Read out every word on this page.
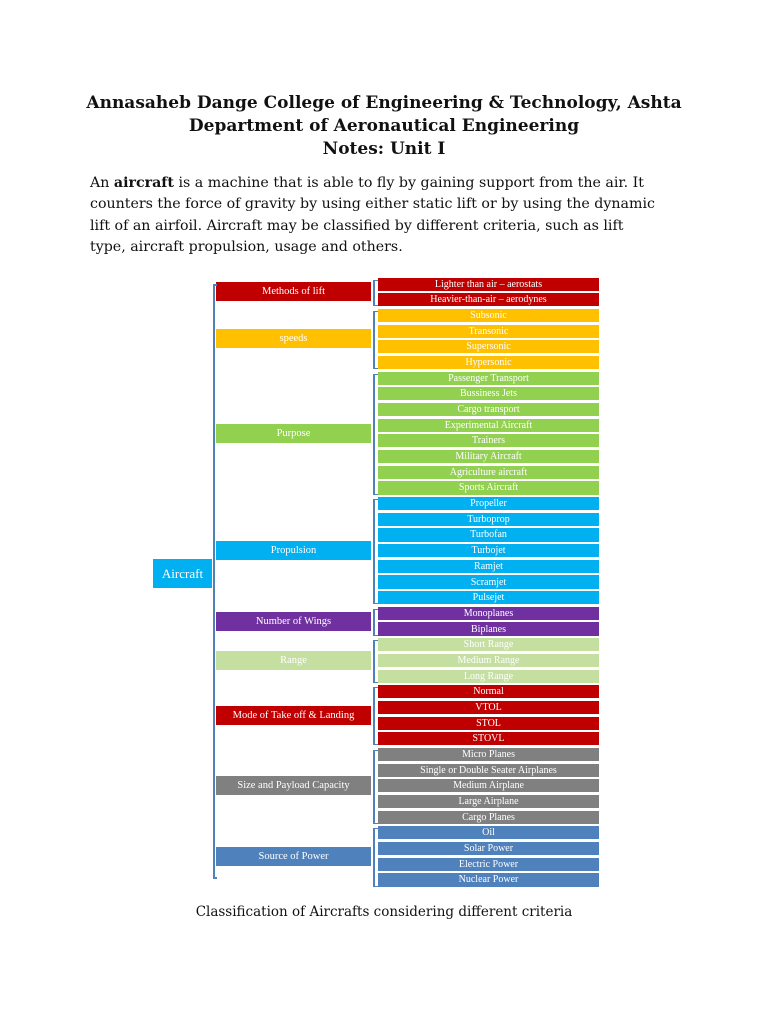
Annasaheb Dange College of Engineering & Technology, Ashta
Department of Aeronautical Engineering
Notes: Unit I

An aircraft is a machine that is able to fly by gaining support from the air. It

counters the force of gravity by using either static lift or by using the dynamic

lift of an airfoil. Aircraft may be classified by different criteria, such as lift

type, aircraft propulsion, usage and others.

Lighter than air – aerostats
Heavier-than-air – aerodynes
Methods of lift
Subsonic
Transonic
Supersonic
Hypersonic
speeds
Passenger Transport
Bussiness Jets
Cargo transport
Experimental Aircraft
Trainers
Military Aircraft
Agriculture aircraft
Sports Aircraft
Purpose
Propeller
Turboprop
Turbofan
Turbojet
Ramjet
Scramjet
Pulsejet
Propulsion
Monoplanes
Biplanes
Number of Wings
Short Range
Medium Range
Long Range
Range
Normal
VTOL
STOL
STOVL
Mode of Take off & Landing
Micro Planes
Single or Double Seater Airplanes
Medium Airplane
Large Airplane
Cargo Planes
Size and Payload Capacity
Oil
Solar Power
Electric Power
Nuclear Power
Source of Power
Aircraft
Classification of Aircrafts considering different criteria
